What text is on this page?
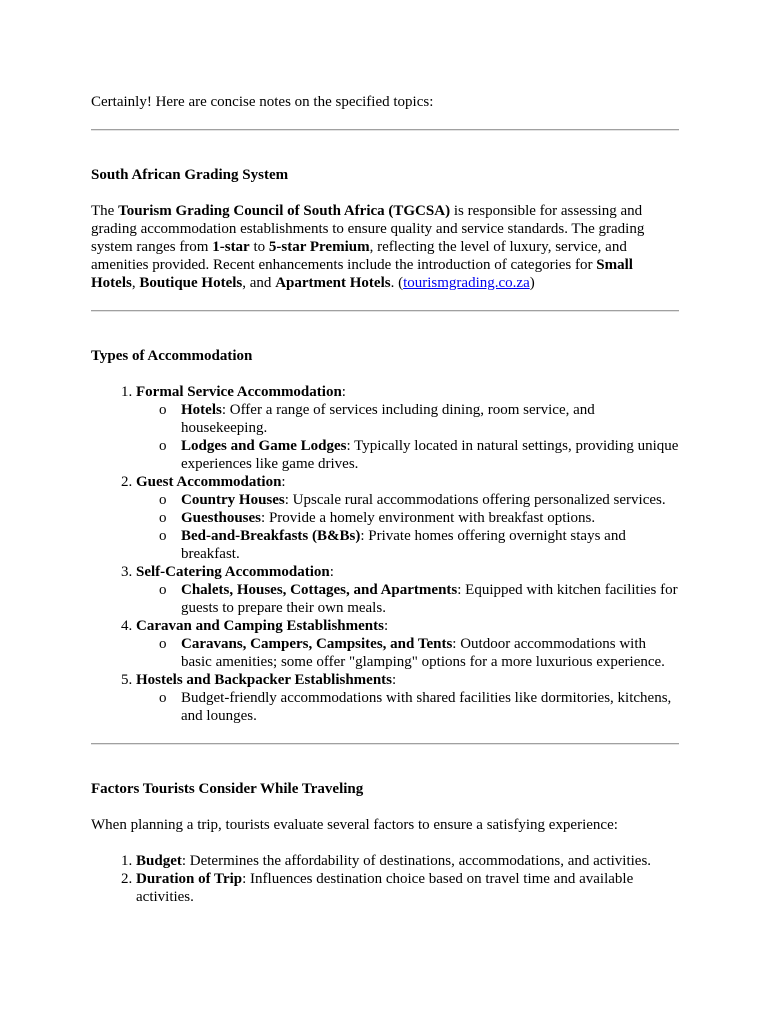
Certainly! Here are concise notes on the specified topics:

South African Grading System

The Tourism Grading Council of South Africa (TGCSA) is responsible for assessing and grading accommodation establishments to ensure quality and service standards. The grading system ranges from 1-star to 5-star Premium, reflecting the level of luxury, service, and amenities provided. Recent enhancements include the introduction of categories for Small Hotels, Boutique Hotels, and Apartment Hotels. (tourismgrading.co.za)

Types of Accommodation
1. Formal Service Accommodation:
o Hotels: Offer a range of services including dining, room service, and housekeeping.
o Lodges and Game Lodges: Typically located in natural settings, providing unique experiences like game drives.
2. Guest Accommodation:
o Country Houses: Upscale rural accommodations offering personalized services.
o Guesthouses: Provide a homely environment with breakfast options.
o Bed-and-Breakfasts (B&Bs): Private homes offering overnight stays and breakfast.
3. Self-Catering Accommodation:
o Chalets, Houses, Cottages, and Apartments: Equipped with kitchen facilities for guests to prepare their own meals.
4. Caravan and Camping Establishments:
o Caravans, Campers, Campsites, and Tents: Outdoor accommodations with basic amenities; some offer "glamping" options for a more luxurious experience.
5. Hostels and Backpacker Establishments:
o Budget-friendly accommodations with shared facilities like dormitories, kitchens, and lounges.
Factors Tourists Consider While Traveling

When planning a trip, tourists evaluate several factors to ensure a satisfying experience:

1. Budget: Determines the affordability of destinations, accommodations, and activities.
2. Duration of Trip: Influences destination choice based on travel time and available activities.
